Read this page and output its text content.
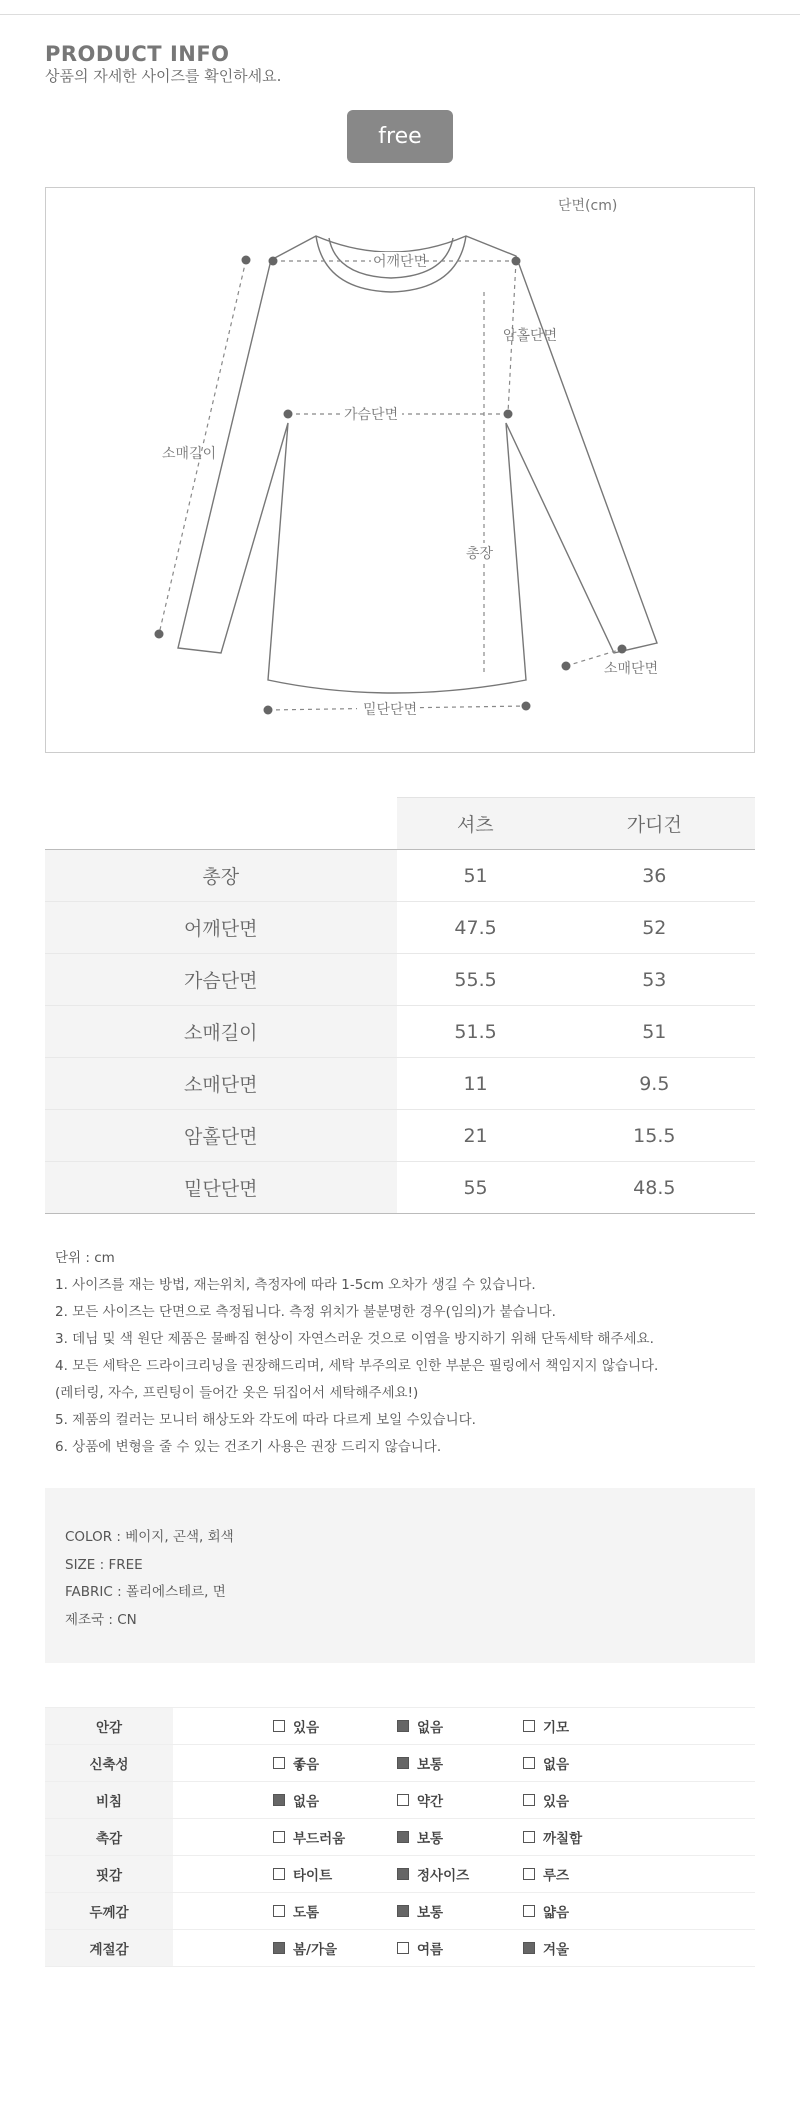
PRODUCT INFO
상품의 자세한 사이즈를 확인하세요.
free
단면(cm)
어깨단면
암홀단면
가슴단면
소매길이
총장
소매단면
밑단단면
	셔츠	가디건
총장	51	36
어깨단면	47.5	52
가슴단면	55.5	53
소매길이	51.5	51
소매단면	11	9.5
암홀단면	21	15.5
밑단단면	55	48.5
단위 : cm
1. 사이즈를 재는 방법, 재는위치, 측정자에 따라 1-5cm 오차가 생길 수 있습니다.
2. 모든 사이즈는 단면으로 측정됩니다. 측정 위치가 불분명한 경우(임의)가 붙습니다.
3. 데님 및 색 원단 제품은 물빠짐 현상이 자연스러운 것으로 이염을 방지하기 위해 단독세탁 해주세요.
4. 모든 세탁은 드라이크리닝을 권장해드리며, 세탁 부주의로 인한 부분은 필링에서 책임지지 않습니다.
(레터링, 자수, 프린팅이 들어간 옷은 뒤집어서 세탁해주세요!)
5. 제품의 컬러는 모니터 해상도와 각도에 따라 다르게 보일 수있습니다.
6. 상품에 변형을 줄 수 있는 건조기 사용은 권장 드리지 않습니다.
COLOR : 베이지, 곤색, 회색
SIZE : FREE
FABRIC : 폴리에스테르, 면
제조국 : CN
안감	있음 없음 기모

신축성	좋음 보통 없음

비침	없음 약간 있음

촉감	부드러움 보통 까칠함

핏감	타이트 정사이즈 루즈

두께감	도톰 보통 얇음

계절감	봄/가을 여름 겨울
